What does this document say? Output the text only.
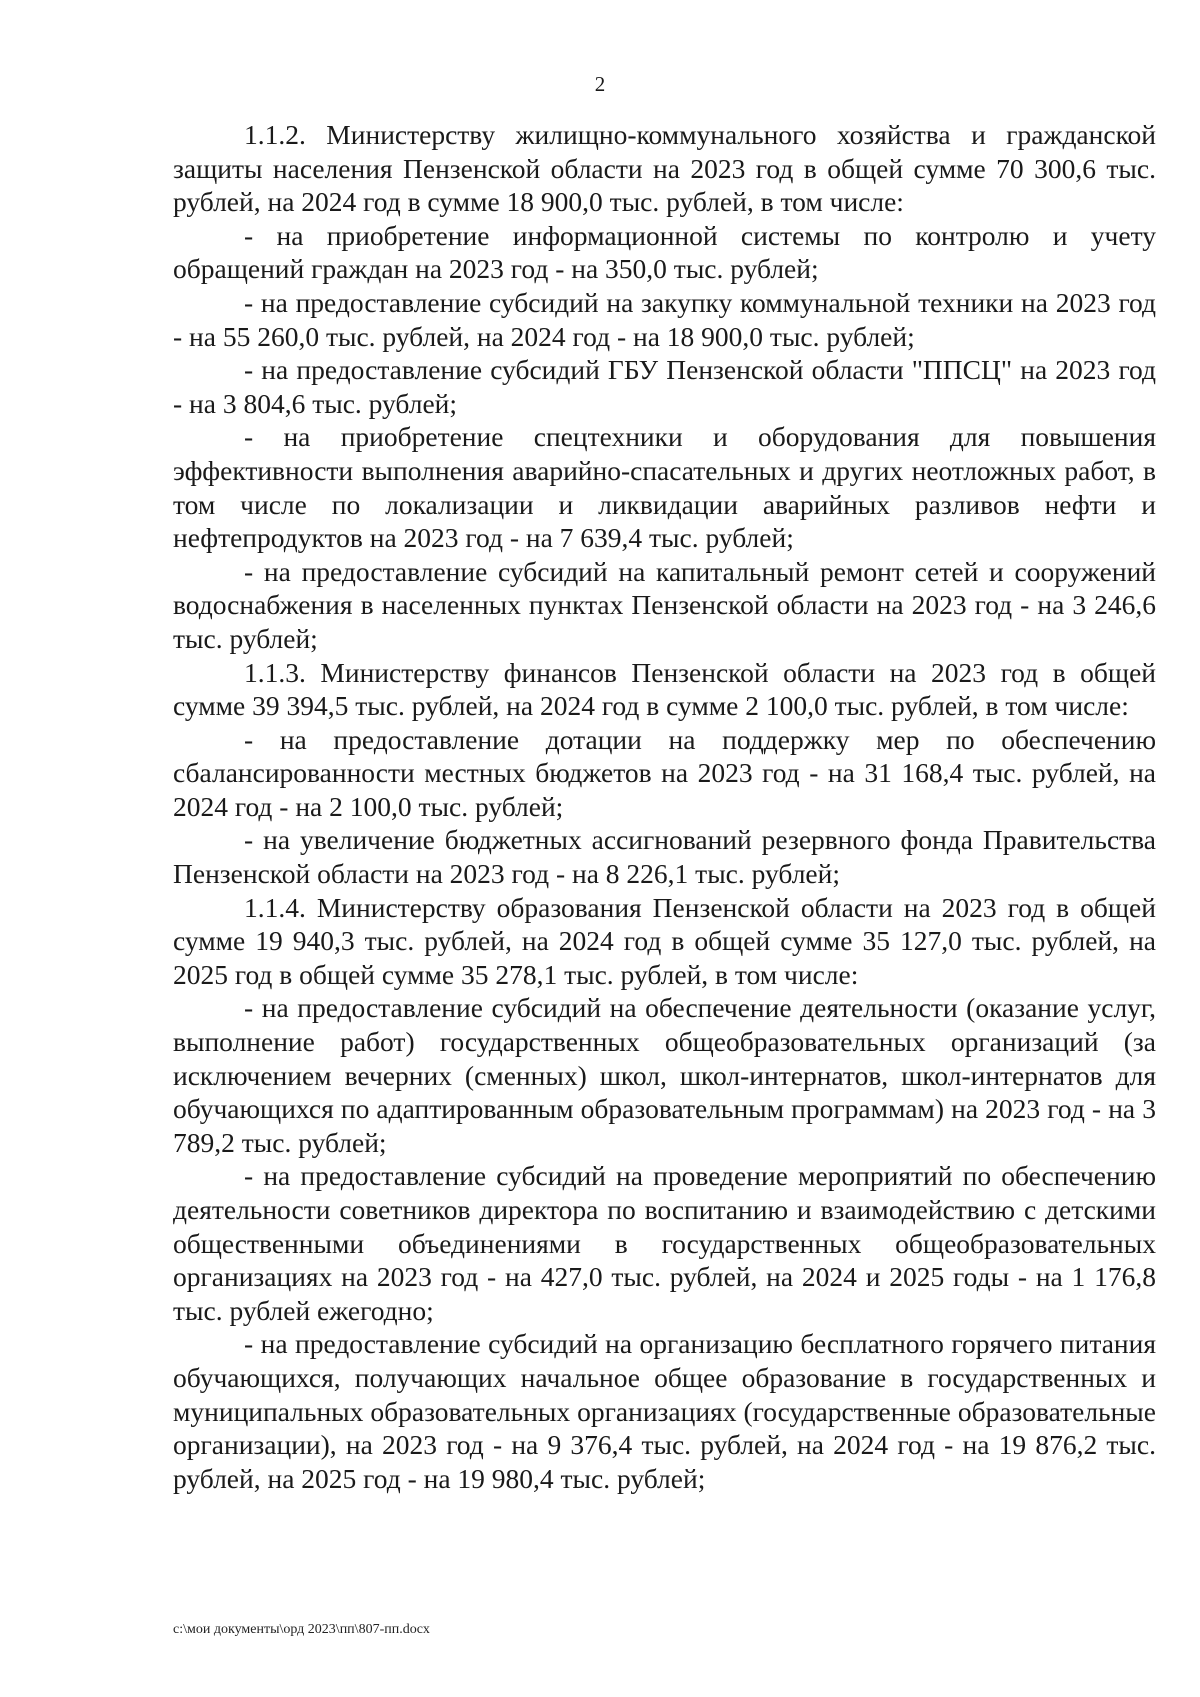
2

1.1.2. Министерству жилищно-коммунального хозяйства и гражданской защиты населения Пензенской области на 2023 год в общей сумме 70 300,6 тыс. рублей, на 2024 год в сумме 18 900,0 тыс. рублей, в том числе:

- на приобретение информационной системы по контролю и учету обращений граждан на 2023 год - на 350,0 тыс. рублей;

- на предоставление субсидий на закупку коммунальной техники на 2023 год - на 55 260,0 тыс. рублей, на 2024 год - на 18 900,0 тыс. рублей;

- на предоставление субсидий ГБУ Пензенской области "ППСЦ" на 2023 год - на 3 804,6 тыс. рублей;

- на приобретение спецтехники и оборудования для повышения эффективности выполнения аварийно-спасательных и других неотложных работ, в том числе по локализации и ликвидации аварийных разливов нефти и нефтепродуктов на 2023 год - на 7 639,4 тыс. рублей;

- на предоставление субсидий на капитальный ремонт сетей и сооружений водоснабжения в населенных пунктах Пензенской области на 2023 год - на 3 246,6 тыс. рублей;

1.1.3. Министерству финансов Пензенской области на 2023 год в общей сумме 39 394,5 тыс. рублей, на 2024 год в сумме 2 100,0 тыс. рублей, в том числе:

- на предоставление дотации на поддержку мер по обеспечению сбалансированности местных бюджетов на 2023 год - на 31 168,4 тыс. рублей, на 2024 год - на 2 100,0 тыс. рублей;

- на увеличение бюджетных ассигнований резервного фонда Правительства Пензенской области на 2023 год - на 8 226,1 тыс. рублей;

1.1.4. Министерству образования Пензенской области на 2023 год в общей сумме 19 940,3 тыс. рублей, на 2024 год в общей сумме 35 127,0 тыс. рублей, на 2025 год в общей сумме 35 278,1 тыс. рублей, в том числе:

- на предоставление субсидий на обеспечение деятельности (оказание услуг, выполнение работ) государственных общеобразовательных организаций (за исключением вечерних (сменных) школ, школ-интернатов, школ-интернатов для обучающихся по адаптированным образовательным программам) на 2023 год - на 3 789,2 тыс. рублей;

- на предоставление субсидий на проведение мероприятий по обеспечению деятельности советников директора по воспитанию и взаимодействию с детскими общественными объединениями в государственных общеобразовательных организациях на 2023 год - на 427,0 тыс. рублей, на 2024 и 2025 годы - на 1 176,8 тыс. рублей ежегодно;

- на предоставление субсидий на организацию бесплатного горячего питания обучающихся, получающих начальное общее образование в государственных и муниципальных образовательных организациях (государственные образовательные организации), на 2023 год - на 9 376,4 тыс. рублей, на 2024 год - на 19 876,2 тыс. рублей, на 2025 год - на 19 980,4 тыс. рублей;

c:\мои документы\орд 2023\пп\807-пп.docx
